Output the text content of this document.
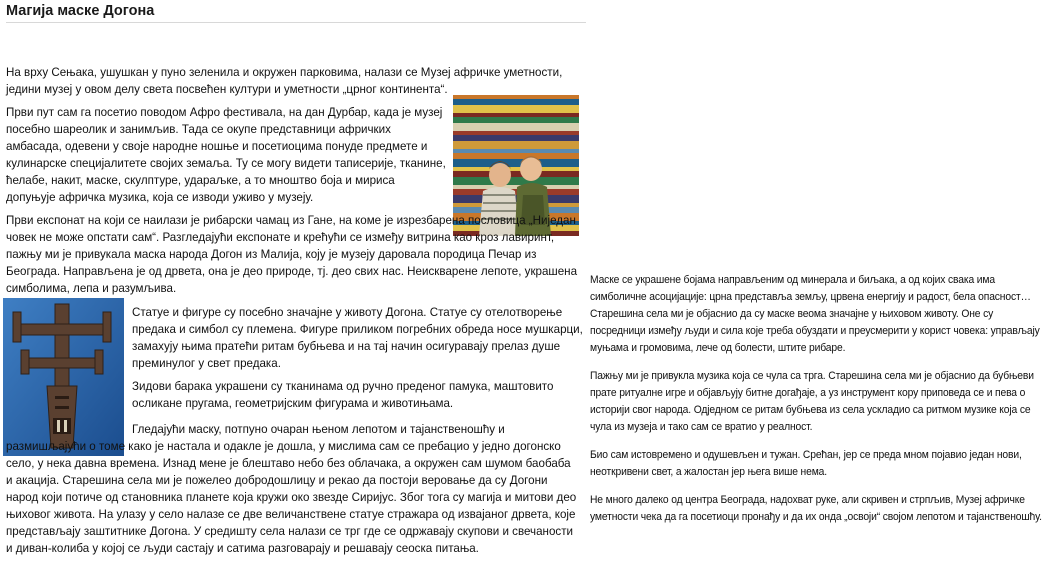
Магија маске Догона

На врху Сењака, ушушкан у пуно зеленила и окружен парковима, налази се Музеј афричке уметности, једини музеј у овом делу света посвећен култури и уметности „црног континента“.

Први пут сам га посетио поводом Афро фестивала, на дан Дурбар, када је музеј посебно шареолик и занимљив. Тада се окупе представници афричких амбасада, одевени у своје народне ношње и посетиоцима понуде предмете и кулинарске специјалитете својих земаља. Ту се могу видети таписерије, тканине, ћелабе, накит, маске, скулптуре, удараљке, а то мноштво боја и мириса допуњује афричка музика, која се изводи уживо у музеју.

Први експонат на који се наилази је рибарски чамац из Гане, на коме је изрезбарена пословица „Ниједан човек не може опстати сам“. Разгледајући експонате и крећући се између витрина као кроз лавиринт, пажњу ми је привукала маска народа Догон из Малија, коју је музеју даровала породица Печар из Београда. Направљена је од дрвета, она је део природе, тј. део свих нас. Неисквaрене лепоте, украшена симболима, лепа и разумљива.

Статуе и фигуре су посебно значајне у животу Догона. Статуе су отелотворење предака и симбол су племена. Фигуре приликом погребних обреда носе мушкарци, замахују њима пратећи ритам бубњева и на тај начин осигуравају прелаз душе преминулог у свет предака.

Зидови барака украшени су тканинама од ручно преденог памука, маштовито осликане пругама, геометријским фигурама и животињама.

Гледајући маску, потпуно очаран њеном лепотом и тајанственошћу и размишљајући о томе како је настала и одакле је дошла, у мислима сам се пребацио у једно догонско село, у нека давна времена. Изнад мене је блештаво небо без облачака, а окружен сам шумом баобаба и акација. Старешина села ми је пожелео добродошлицу и рекао да постоји веровање да су Догони народ који потиче од становника планете која кружи око звезде Сиријус. Због тога су магија и митови део њиховог живота. На улазу у село налазе се две величанствене статуе стражара од извајаног дрвета, које представљају заштитнике Догона. У средишту села налази се трг где се одржавају скупови и свечаности и диван-колиба у којој се људи састају и сатима разговарају и решавају сеоска питања.

Маске се украшене бојама направљеним од минерала и биљака, а од којих свака има симболичне асоцијације: црна представља земљу, црвена енергију и радост, бела опасност… Старешина села ми је објаснио да су маске веома значајне у њиховом животу. Оне су посредници између људи и сила које треба обуздати и преусмерити у корист човека: управљају муњама и громовима, лече од болести, штите рибаре.

Пажњу ми је привукла музика која се чула са трга. Старешина села ми је објаснио да бубњеви прате ритуалне игре и објављују битне догађаје, а уз инструмент кору приповеда се и пева о историји свог народа. Одједном се ритам бубњева из села ускладио са ритмом музике која се чула из музеја и тако сам се вратио у реалност.

Био сам истовремено и одушевљен и тужан. Срећан, јер се преда мном појавио један нови, неоткривени свет, а жалостан јер њега више нема.

Не много далеко од центра Београда, надохват руке, али скривен и стрпљив, Музеј афричке уметности чека да га посетиоци пронађу и да их онда „освоји“ својом лепотом и тајанственошћу.
